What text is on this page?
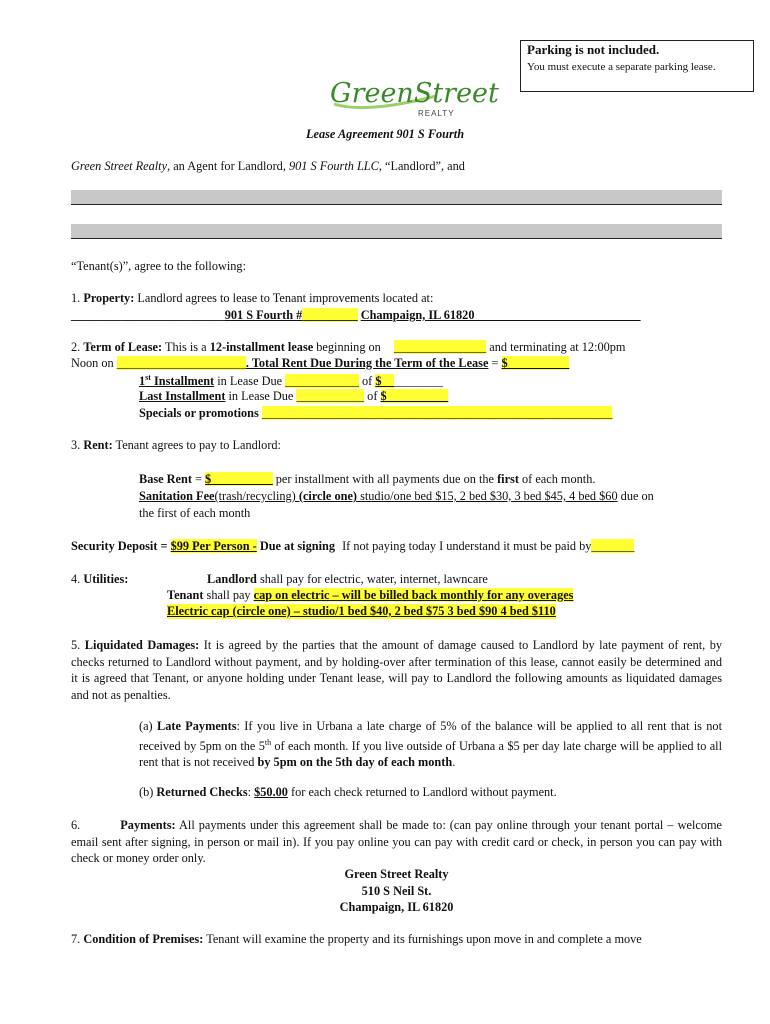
Parking is not included.
You must execute a separate parking lease.
GreenStreet
REALTY
Lease Agreement 901 S Fourth
Green Street Realty, an Agent for Landlord, 901 S Fourth LLC, “Landlord”, and
“Tenant(s)”, agree to the following:
1. Property: Landlord agrees to lease to Tenant improvements located at:
_________________________901 S Fourth #_________ Champaign, IL 61820___________________________
2. Term of Lease: This is a 12-installment lease beginning on _______________ and terminating at 12:00pm
Noon on _____________________. Total Rent Due During the Term of the Lease = $__________
1st Installment in Lease Due ____________ of $__________
Last Installment in Lease Due ___________ of $__________
Specials or promotions _________________________________________________________
3. Rent: Tenant agrees to pay to Landlord:
Base Rent = $__________ per installment with all payments due on the first of each month.
Sanitation Fee(trash/recycling) (circle one) studio/one bed $15, 2 bed $30, 3 bed $45, 4 bed $60 due on
the first of each month
Security Deposit = $99 Per Person - Due at signing If not paying today I understand it must be paid by_______
4. Utilities:	Landlord shall pay for electric, water, internet, lawncare
Tenant shall pay cap on electric – will be billed back monthly for any overages
Electric cap (circle one) – studio/1 bed $40, 2 bed $75 3 bed $90 4 bed $110
5. Liquidated Damages: It is agreed by the parties that the amount of damage caused to Landlord by late payment of rent, by checks returned to Landlord without payment, and by holding-over after termination of this lease, cannot easily be determined and it is agreed that Tenant, or anyone holding under Tenant lease, will pay to Landlord the following amounts as liquidated damages and not as penalties.
(a) Late Payments: If you live in Urbana a late charge of 5% of the balance will be applied to all rent that is not received by 5pm on the 5th of each month. If you live outside of Urbana a $5 per day late charge will be applied to all rent that is not received by 5pm on the 5th day of each month.
(b) Returned Checks: $50.00 for each check returned to Landlord without payment.
6.	Payments: All payments under this agreement shall be made to: (can pay online through your tenant portal – welcome email sent after signing, in person or mail in). If you pay online you can pay with credit card or check, in person you can pay with check or money order only.
Green Street Realty
510 S Neil St.
Champaign, IL 61820
7. Condition of Premises: Tenant will examine the property and its furnishings upon move in and complete a move
